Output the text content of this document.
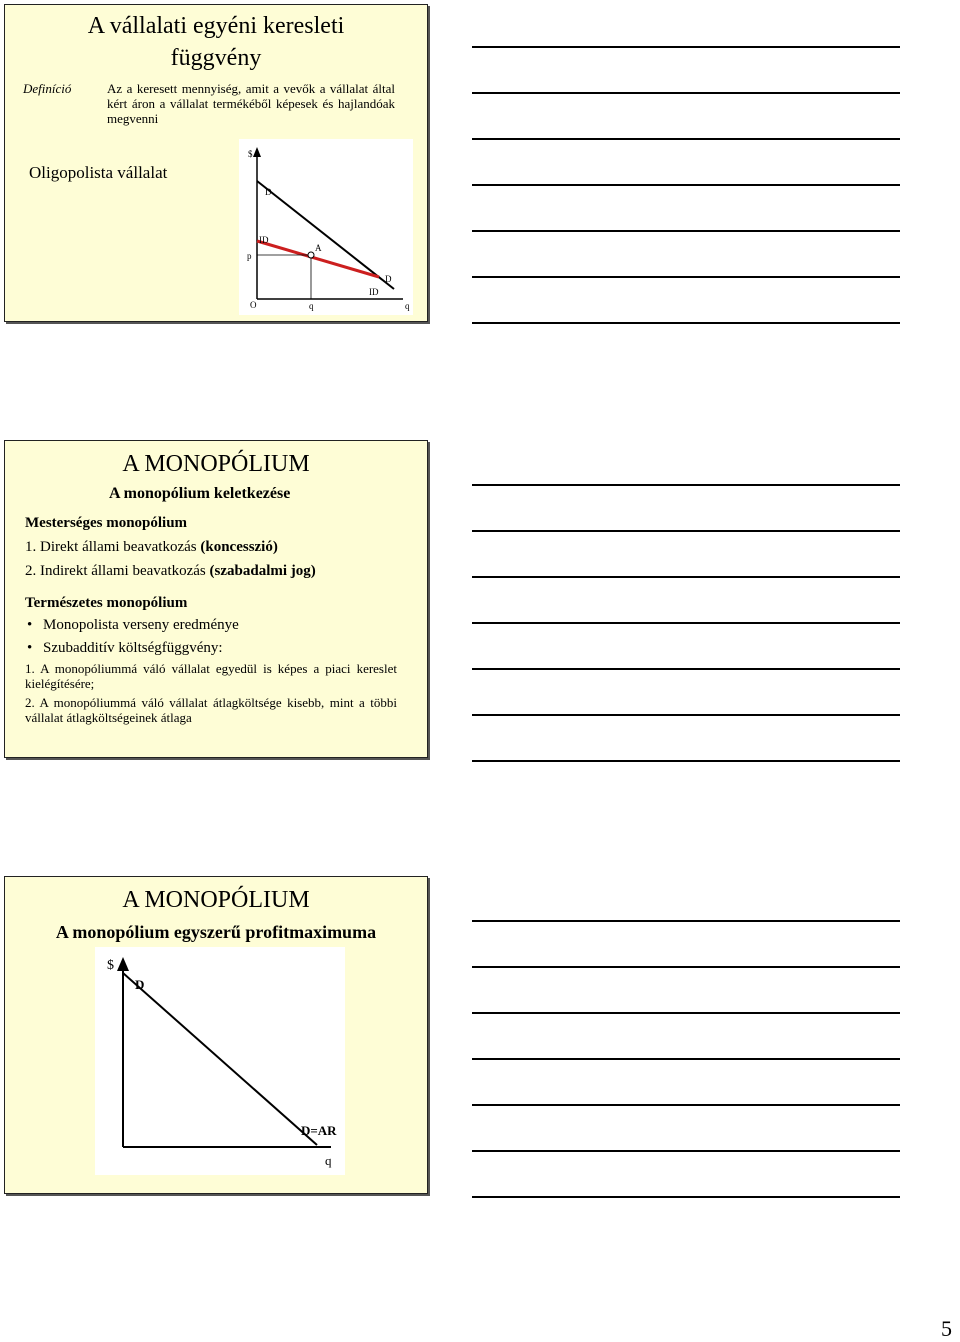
A vállalati egyéni keresleti
függvény
Definíció	Az a keresett mennyiség, amit a vevők a vállalat által kért áron a vállalat termékéből képesek és hajlandóak megvenni
Oligopolista vállalat
$
D
p
ID
A
D
O	q
ID
q
A MONOPÓLIUM
A monopólium keletkezése
Mesterséges monopólium
1. Direkt állami beavatkozás (koncesszió)
2. Indirekt állami beavatkozás (szabadalmi jog)
Természetes monopólium
• Monopolista verseny eredménye
• Szubadditív költségfüggvény:
1. A monopóliummá váló vállalat egyedül is képes a piaci kereslet kielégítésére;
2. A monopóliummá váló vállalat átlagköltsége kisebb, mint a többi vállalat átlagköltségeinek átlaga
A MONOPÓLIUM
A monopólium egyszerű profitmaximuma
$
D
D=AR
q
5
